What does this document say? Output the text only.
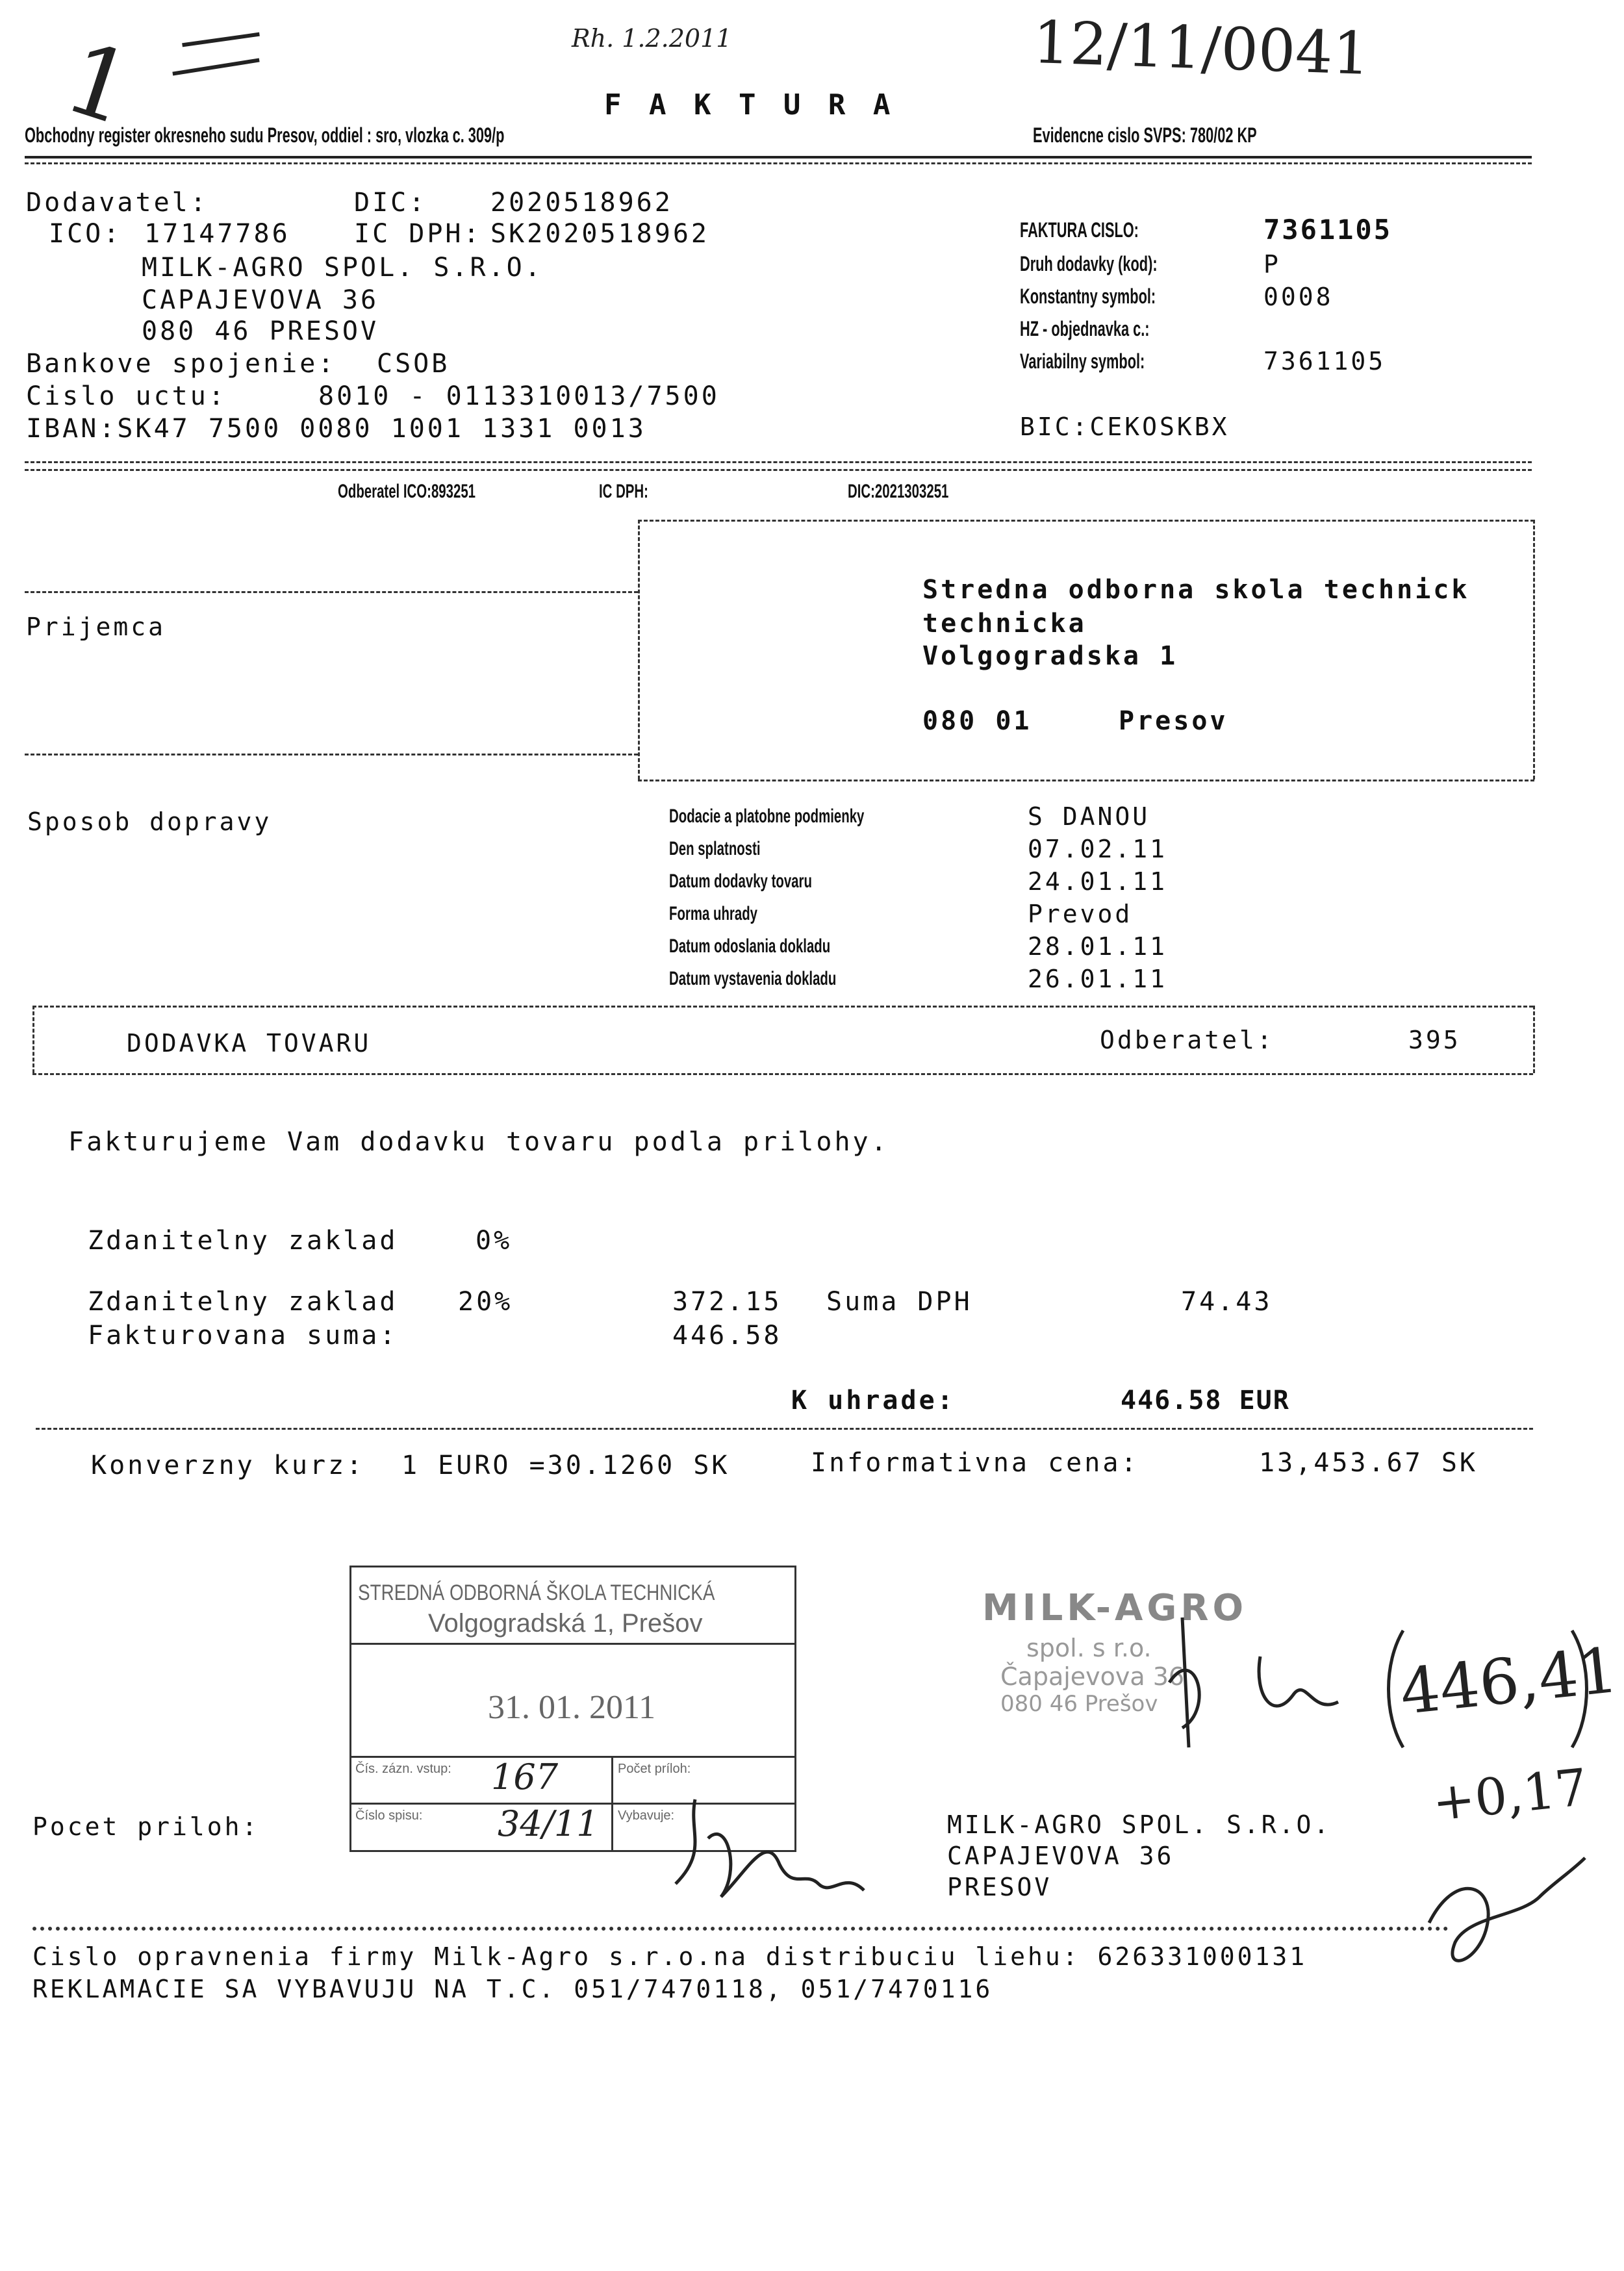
1	Rh. 1.2.2011	12/11/0041
F A K T U R A
Obchodny register okresneho sudu Presov, oddiel : sro, vlozka c. 309/p	Evidencne cislo SVPS: 780/02 KP
Dodavatel:	DIC: 2020518962
ICO: 17147786 IC DPH: SK2020518962
MILK-AGRO SPOL. S.R.O.
CAPAJEVOVA 36
080 46 PRESOV
Bankove spojenie: CSOB
Cislo uctu:	8010 - 0113310013/7500
IBAN:SK47 7500 0080 1001 1331 0013
FAKTURA CISLO:	7361105
Druh dodavky (kod):	P
Konstantny symbol:	0008
HZ - objednavka c.:
Variabilny symbol:	7361105
BIC:CEKOSKBX
Odberatel ICO:893251	IC DPH:	DIC:2021303251
Prijemca
Stredna odborna skola technick
technicka
Volgogradska 1
080 01	Presov
Sposob dopravy	Dodacie a platobne podmienky	S DANOU
Den splatnosti	07.02.11
Datum dodavky tovaru	24.01.11
Forma uhrady	Prevod
Datum odoslania dokladu	28.01.11
Datum vystavenia dokladu	26.01.11
DODAVKA TOVARU	Odberatel:	395
Fakturujeme Vam dodavku tovaru podla prilohy.
Zdanitelny zaklad	0%
Zdanitelny zaklad 20%	372.15 Suma DPH	74.43
Fakturovana suma:	446.58
K uhrade:	446.58 EUR
Konverzny kurz: 1 EURO =30.1260 SK	Informativna cena:	13,453.67 SK
STREDNÁ ODBORNÁ ŠKOLA TECHNICKÁ
Volgogradská 1, Prešov
31. 01. 2011
Čís. zázn. vstup: 167	Počet príloh:
Číslo spisu: 34/11 Vybavuje:
MILK-AGRO
spol. s r.o.
Čapajevova 36
080 46 Prešov	446,41
+0,17
Pocet priloh:	MILK-AGRO SPOL. S.R.O.
CAPAJEVOVA 36
PRESOV
Cislo opravnenia firmy Milk-Agro s.r.o.na distribuciu liehu: 626331000131
REKLAMACIE SA VYBAVUJU NA T.C. 051/7470118, 051/7470116
